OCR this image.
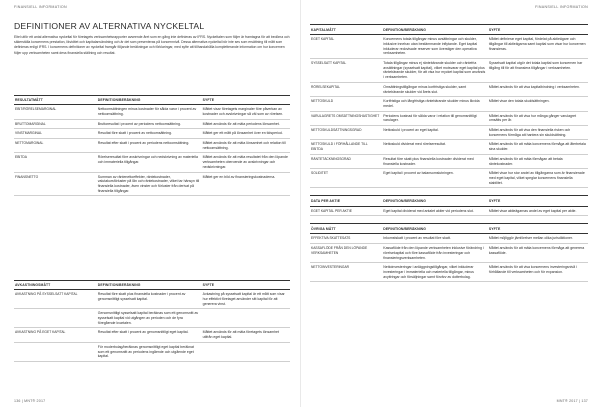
FINANSIELL INFORMATION
DEFINITIONER AV ALTERNATIVA NYCKELTAL

Eltel utför ett antal alternativa nyckeltal för företagets verksamhetsrapporter avseende året som en gång inte definieras av IFRS. Nyckeltalen som följer är framtagna för att bedöma och säkerställa koncernens prestation, likviditet och kapitalanvändning och är det som presenteras på koncernnivå. Dessa alternativa nyckeltal bör inte ses som ersättning till mått som definieras enligt IFRS. I koncernens definitioner av nyckeltal framgår följande beräkningar och förklaringar, med syfte att tillhandahålla kompletterande information om hur koncernen följer upp verksamheten samt dess finansiella ställning och resultat.

RESULTATMÅTT	DEFINITION/BERÄKNING	SYFTE
EBIT/RÖRELSEMARGINAL	Nettoomsättningen minus kostnader för sålda varor i procent av nettoomsättning.	Måttet visar företagets marginaler före påverkan av kostnader och avskrivningar så väl som av rörelsen.
BRUTTOMARGINAL	Bruttoresultat i procent av periodens nettoomsättning.	Måttet används för att mäta periodens lönsamhet.
VINSTMARGINAL	Resultat före skatt i procent av nettoomsättning.	Måttet ger ett mått på lönsamhet över en tidsperiod.
NETTOMARGINAL	Resultat efter skatt i procent av periodens nettoomsättning.	Måttet används för att mäta lönsamhet och relation till nettoomsättning.
EBITDA	Rörelseresultat före avskrivningar och nedskrivning av materiella och immateriella tillgångar.	Måttet används för att mäta resultatet från den löpande verksamheten oberoende av avskrivningar och nedskrivningar.
FINANSNETTO	Summan av räntenettoeffekter, räntekostnader, valutakursförluster på lån och räntekostnader, vilket tar hänsyn till finansiella kostnader, även vinster och förluster från derivat på finansiella tillgångar.	Måttet ger en bild av finansieringskostnaderna.
AVKASTNINGSMÅTT	DEFINITION/BERÄKNING	SYFTE
AVKASTNING PÅ SYSSELSATT KAPITAL	Resultat före skatt plus finansiella kostnader i procent av genomsnittligt sysselsatt kapital.	Avkastning på sysselsatt kapital är ett mått som visar hur effektivt företaget använder sitt kapital för att generera vinst.
	Genomsnittligt sysselsatt kapital beräknas som ett genomsnitt av sysselsatt kapital vid utgången av perioden och de fyra föregående kvartalen.	
AVKASTNING PÅ EGET KAPITAL	Resultat efter skatt i procent av genomsnittligt eget kapital.	Måttet används för att mäta företagets lönsamhet utifrån eget kapital.
	För moderbolag/beräknas genomsnittligt eget kapital beräknat som ett genomsnitt av periodens ingående och utgående eget kapital.	
136 | MNT® 2017
FINANSIELL INFORMATION
KAPITALMÅTT	DEFINITION/BERÄKNING	SYFTE
EGET KAPITAL	Koncernens totala tillgångar minus avsättningar och skulder, inklusive innehav utan bestämmande inflytande. Eget kapital inkluderar redovisade reserver som överstiger den operativa verksamheten.	Måttet definierar eget kapital, fördelat på aktieägare och tillgångar till aktieägarna samt kapital som visar hur koncernen finansieras.
SYSSELSATT KAPITAL	Totala tillgångar minus ej räntebärande skulder och räntefria avsättningar (sysselsatt kapital), vilket motsvarar eget kapital plus räntebärande skulder, för att visa hur mycket kapital som används i verksamheten.	Sysselsatt kapital utgör det totala kapital som koncernen har tillgång till för att finansiera tillgångar i verksamheten.
RÖRELSEKAPITAL	Omsättningstillgångar minus kortfristiga skulder, samt räntebärande skulder vid årets slut.	Måttet används för att visa kapitalbindning i verksamheten.
NETTOSKULD	Kortfristiga och långfristiga räntebärande skulder minus likvida medel.	Måttet visar den totala skuldsättningen.
VARULAGRETS OMSÄTTNINGSHASTIGHET	Periodens kostnad för sålda varor i relation till genomsnittligt varulager.	Måttet används för att visa hur många gånger varulagret omsätts per år.
NETTOSKULDSÄTTNINGSGRAD	Nettoskuld i procent av eget kapital.	Måttet används för att visa den finansiella risken och koncernens förmåga att hantera sin skuldsättning.
NETTOSKULD I FÖRHÅLLANDE TILL EBITDA	Nettoskuld dividerat med rörelseresultat.	Måttet används för att mäta koncernens förmåga att återbetala sina skulder.
RÄNTETÄCKNINGSGRAD	Resultat före skatt plus finansiella kostnader dividerat med finansiella kostnader.	Måttet används för att mäta förmågan att betala räntekostnader.
SOLIDITET	Eget kapital i procent av balansomslutningen.	Måttet visar hur stor andel av tillgångarna som är finansierade med eget kapital, vilket speglar koncernens finansiella stabilitet.

DATA PER AKTIE	DEFINITION/BERÄKNING	SYFTE
EGET KAPITAL PER AKTIE	Eget kapital dividerat med antalet aktier vid periodens slut.	Måttet visar aktieägarnas andel av eget kapital per aktie.

ÖVRIGA MÅTT	DEFINITION/BERÄKNING	SYFTE
EFFEKTIVA SKATTESATS	Inkomstskatt i procent av resultat före skatt.	Måttet möjliggör jämförelser mellan olika jurisdiktioner.
KASSAFLÖDE FRÅN DEN LÖPANDE VERKSAMHETEN	Kassaflöde från den löpande verksamheten inklusive förändring i rörelsekapital och före kassaflöde från investeringar och finansieringsverksamheten.	Måttet används för att mäta koncernens förmåga att generera kassaflöde.
NETTOINVESTERINGAR	Nettoinvesteringar i anläggningstillgångar, vilket inkluderar investeringar i immateriella och materiella tillgångar, minus avyttringar och försäljningar samt förvärv av dotterbolag.	Måttet används för att visa koncernens investeringsnivå i förhållande till verksamheten och för expansion.
MNT® 2017 | 137
